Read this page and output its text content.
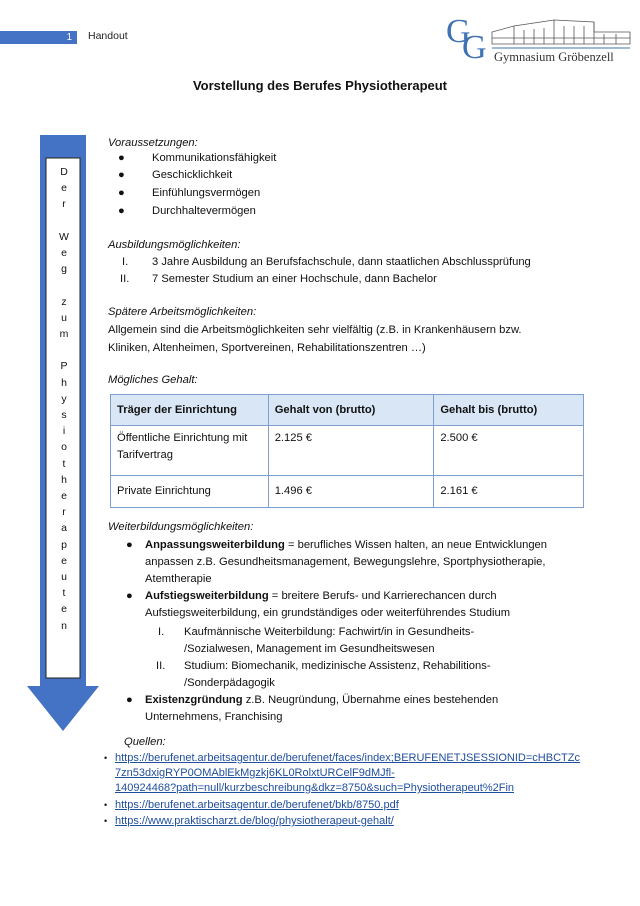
1 Handout	G
G Gymnasium Gröbenzell
Vorstellung des Berufes Physiotherapeut
D
e
r
W
e
g
z
u
m
P
h
y
s
i
o
t
h
e
r
a
p
e
u
t
e
n
Voraussetzungen:
● Kommunikationsfähigkeit
● Geschicklichkeit
● Einfühlungsvermögen
● Durchhaltevermögen
Ausbildungsmöglichkeiten:
I. 3 Jahre Ausbildung an Berufsfachschule, dann staatlichen Abschlussprüfung
II. 7 Semester Studium an einer Hochschule, dann Bachelor
Spätere Arbeitsmöglichkeiten:
Allgemein sind die Arbeitsmöglichkeiten sehr vielfältig (z.B. in Krankenhäusern bzw.
Kliniken, Altenheimen, Sportvereinen, Rehabilitationszentren …)
Mögliches Gehalt:
Träger der Einrichtung	Gehalt von (brutto)	Gehalt bis (brutto)
Öffentliche Einrichtung mit Tarifvertrag	2.125 €	2.500 €
Private Einrichtung	1.496 €	2.161 €
Weiterbildungsmöglichkeiten:
● Anpassungsweiterbildung = berufliches Wissen halten, an neue Entwicklungen
anpassen z.B. Gesundheitsmanagement, Bewegungslehre, Sportphysiotherapie,
Atemtherapie
● Aufstiegsweiterbildung = breitere Berufs- und Karrierechancen durch
Aufstiegsweiterbildung, ein grundständiges oder weiterführendes Studium
I. Kaufmännische Weiterbildung: Fachwirt/in in Gesundheits-
/Sozialwesen, Management im Gesundheitswesen
II. Studium: Biomechanik, medizinische Assistenz, Rehabilitions-
/Sonderpädagogik
● Existenzgründung z.B. Neugründung, Übernahme eines bestehenden
Unternehmens, Franchising
Quellen:
• https://berufenet.arbeitsagentur.de/berufenet/faces/index;BERUFENETJSESSIONID=cHBCTZc
7zn53dxigRYP0OMAblEkMgzkj6KL0RolxtURCelF9dMJfl-
140924468?path=null/kurzbeschreibung&dkz=8750&such=Physiotherapeut%2Fin
• https://berufenet.arbeitsagentur.de/berufenet/bkb/8750.pdf
• https://www.praktischarzt.de/blog/physiotherapeut-gehalt/
